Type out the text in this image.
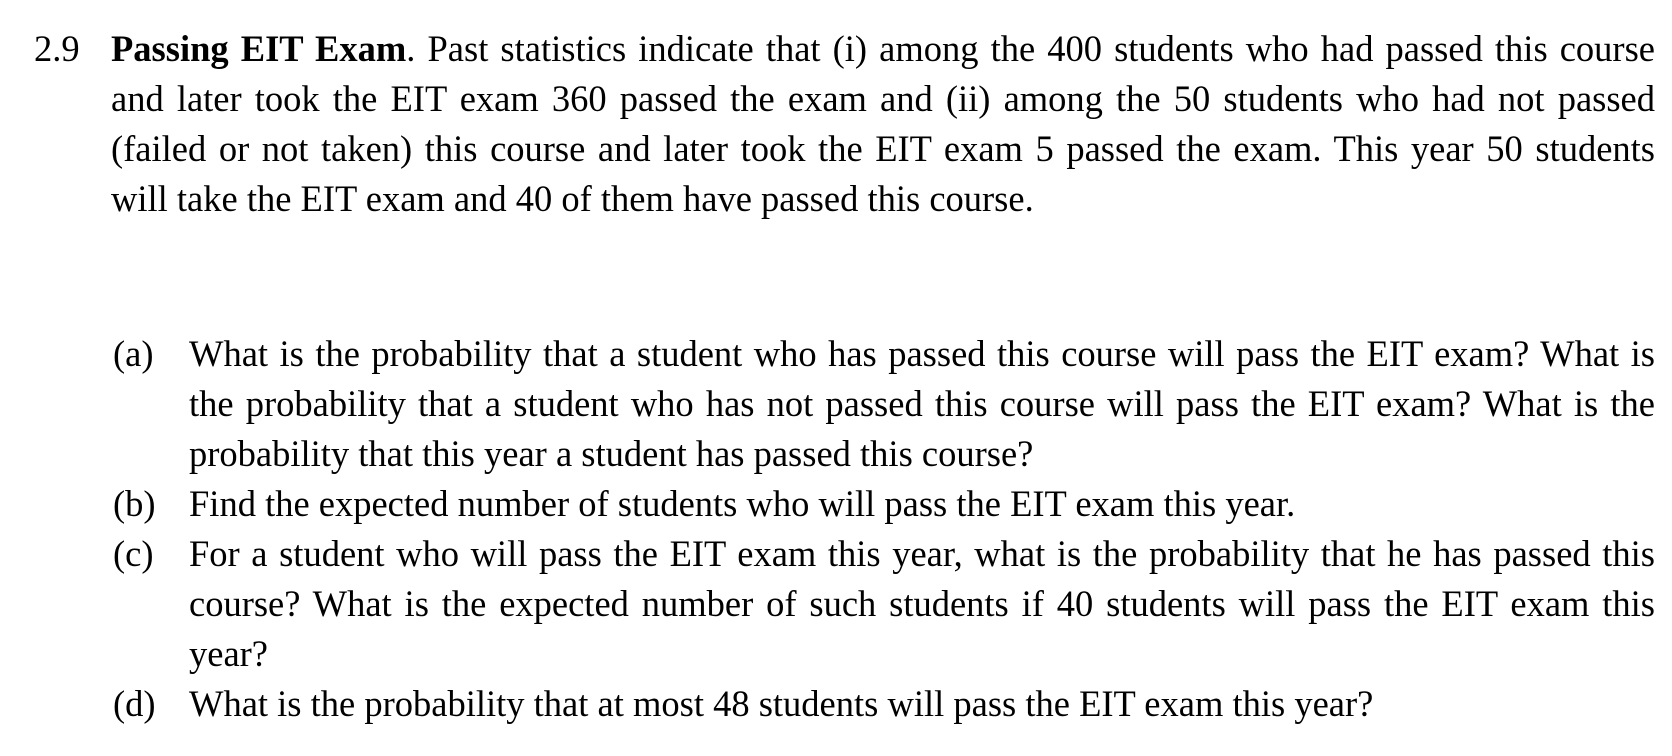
2.9 Passing EIT Exam. Past statistics indicate that (i) among the 400 students who had passed this course and later took the EIT exam 360 passed the exam and (ii) among the 50 students who had not passed (failed or not taken) this course and later took the EIT exam 5 passed the exam. This year 50 students will take the EIT exam and 40 of them have passed this course.
(a) What is the probability that a student who has passed this course will pass the EIT exam? What is the probability that a student who has not passed this course will pass the EIT exam? What is the probability that this year a student has passed this course?
(b) Find the expected number of students who will pass the EIT exam this year.
(c) For a student who will pass the EIT exam this year, what is the probability that he has passed this course? What is the expected number of such students if 40 students will pass the EIT exam this year?
(d) What is the probability that at most 48 students will pass the EIT exam this year?
